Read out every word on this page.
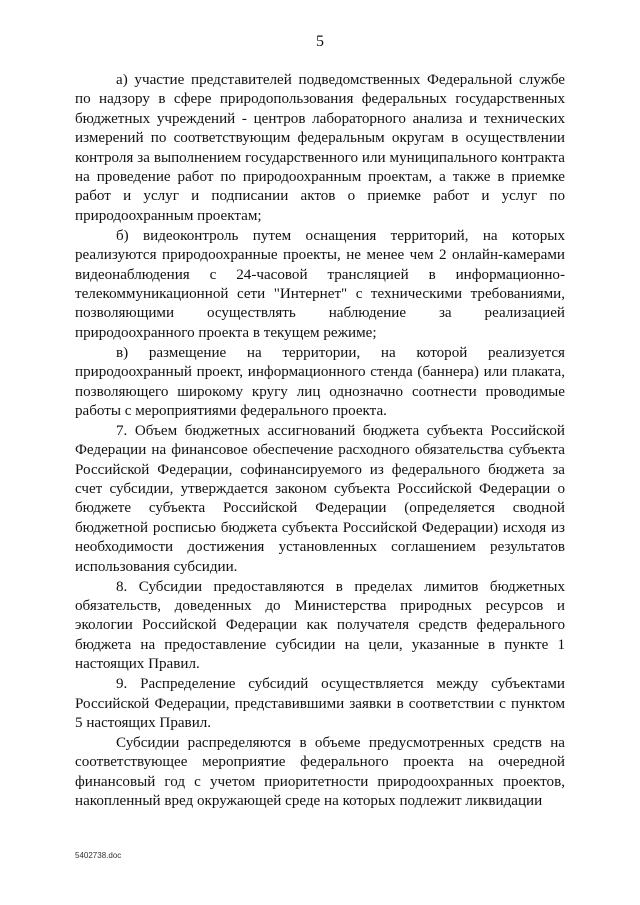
5

а) участие представителей подведомственных Федеральной службе по надзору в сфере природопользования федеральных государственных бюджетных учреждений - центров лабораторного анализа и технических измерений по соответствующим федеральным округам в осуществлении контроля за выполнением государственного или муниципального контракта на проведение работ по природоохранным проектам, а также в приемке работ и услуг и подписании актов о приемке работ и услуг по природоохранным проектам;

б) видеоконтроль путем оснащения территорий, на которых реализуются природоохранные проекты, не менее чем 2 онлайн-камерами видеонаблюдения с 24-часовой трансляцией в информационно-телекоммуникационной сети "Интернет" с техническими требованиями, позволяющими осуществлять наблюдение за реализацией природоохранного проекта в текущем режиме;

в) размещение на территории, на которой реализуется природоохранный проект, информационного стенда (баннера) или плаката, позволяющего широкому кругу лиц однозначно соотнести проводимые работы с мероприятиями федерального проекта.

7. Объем бюджетных ассигнований бюджета субъекта Российской Федерации на финансовое обеспечение расходного обязательства субъекта Российской Федерации, софинансируемого из федерального бюджета за счет субсидии, утверждается законом субъекта Российской Федерации о бюджете субъекта Российской Федерации (определяется сводной бюджетной росписью бюджета субъекта Российской Федерации) исходя из необходимости достижения установленных соглашением результатов использования субсидии.

8. Субсидии предоставляются в пределах лимитов бюджетных обязательств, доведенных до Министерства природных ресурсов и экологии Российской Федерации как получателя средств федерального бюджета на предоставление субсидии на цели, указанные в пункте 1 настоящих Правил.

9. Распределение субсидий осуществляется между субъектами Российской Федерации, представившими заявки в соответствии с пунктом 5 настоящих Правил.

Субсидии распределяются в объеме предусмотренных средств на соответствующее мероприятие федерального проекта на очередной финансовый год с учетом приоритетности природоохранных проектов, накопленный вред окружающей среде на которых подлежит ликвидации

5402738.doc
